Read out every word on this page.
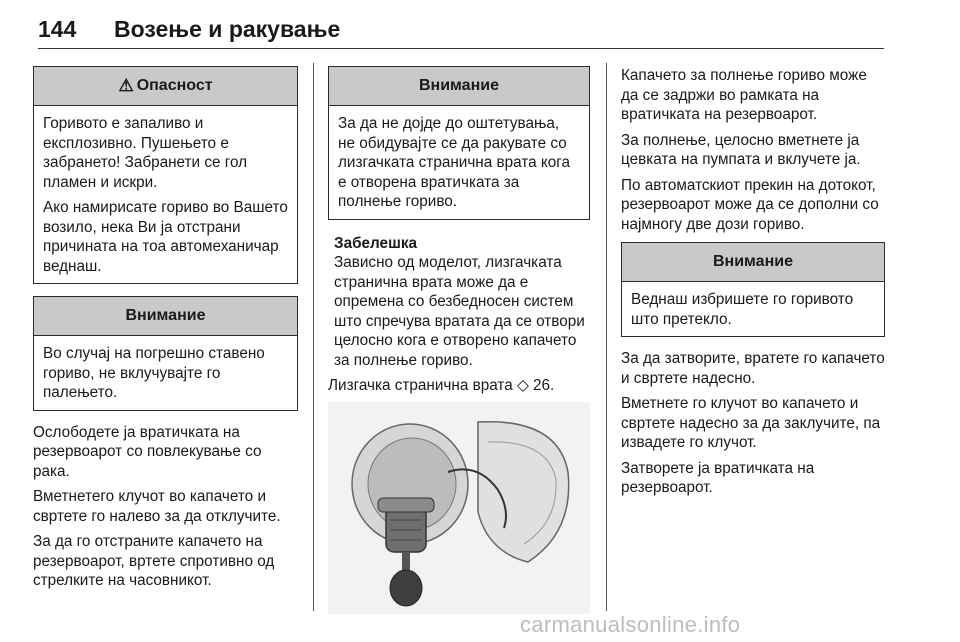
144 Возење и ракување
⚠ Опасност

Горивото е запаливо и експлозивно. Пушењето е забрането! Забранети се гол пламен и искри.

Ако намирисате гориво во Вашето возило, нека Ви ја отстрани причината на тоа автомеханичар веднаш.

Внимание

Во случај на погрешно ставено гориво, не вклучувајте го палењето.

Ослободете ја вратичката на резервоарот со повлекување со рака.

Вметнетего клучот во капачето и свртете го налево за да отклучите.

За да го отстраните капачето на резервоарот, вртете спротивно од стрелките на часовникот.

Внимание

За да не дојде до оштетувања, не обидувајте се да ракувате со лизгачката странична врата кога е отворена вратичката за полнење гориво.

Забелешка

Зависно од моделот, лизгачката странична врата може да е опремена со безбедносен систем што спречува вратата да се отвори целосно кога е отворено капачето за полнење гориво.

Лизгачка странична врата ◇ 26.

Капачето за полнење гориво може да се задржи во рамката на вратичката на резервоарот.

За полнење, целосно вметнете ја цевката на пумпата и вклучете ја.

По автоматскиот прекин на дотокот, резервоарот може да се дополни со најмногу две дози гориво.

Внимание

Веднаш избришете го горивото што претекло.

За да затворите, вратете го капачето и свртете надесно.

Вметнете го клучот во капачето и свртете надесно за да заклучите, па извадете го клучот.

Затворете ја вратичката на резервоарот.

carmanualsonline.info
